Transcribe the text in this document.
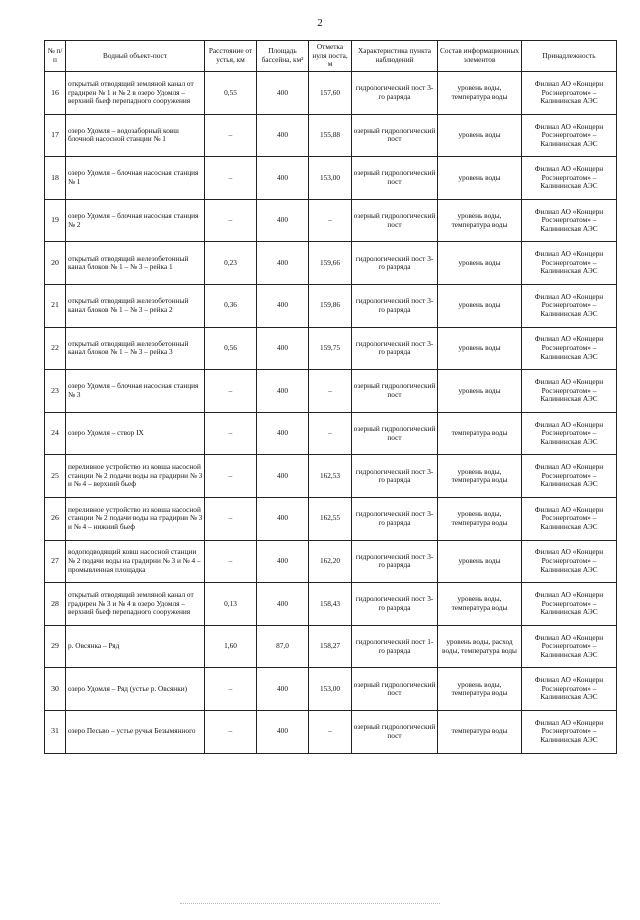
2
№ п/п	Водный объект-пост	Расстояние от устья, км	Площадь бассейна, км²	Отметка нуля поста, м	Характеристика пункта наблюдений	Состав информационных элементов	Принадлежность
16	открытый отводящий земляной канал от градирен № 1 и № 2 в озеро Удомля – верхний бьеф перепадного сооружения	0,55	400	157,60	гидрологический пост 3-го разряда	уровень воды, температура воды	Филиал АО «Концерн Росэнергоатом» – Калининская АЭС
17	озеро Удомля – водозаборный ковш блочной насосной станции № 1	–	400	155,88	озерный гидрологический пост	уровень воды	Филиал АО «Концерн Росэнергоатом» – Калининская АЭС
18	озеро Удомля – блочная насосная станция № 1	–	400	153,00	озерный гидрологический пост	уровень воды	Филиал АО «Концерн Росэнергоатом» – Калининская АЭС
19	озеро Удомля – блочная насосная станция № 2	–	400	–	озерный гидрологический пост	уровень воды, температура воды	Филиал АО «Концерн Росэнергоатом» – Калининская АЭС
20	открытый отводящий железобетонный канал блоков № 1 – № 3 – рейка 1	0,23	400	159,66	гидрологический пост 3-го разряда	уровень воды	Филиал АО «Концерн Росэнергоатом» – Калининская АЭС
21	открытый отводящий железобетонный канал блоков № 1 – № 3 – рейка 2	0,36	400	159,86	гидрологический пост 3-го разряда	уровень воды	Филиал АО «Концерн Росэнергоатом» – Калининская АЭС
22	открытый отводящий железобетонный канал блоков № 1 – № 3 – рейка 3	0,56	400	159,75	гидрологический пост 3-го разряда	уровень воды	Филиал АО «Концерн Росэнергоатом» – Калининская АЭС
23	озеро Удомля – блочная насосная станция № 3	–	400	–	озерный гидрологический пост	уровень воды	Филиал АО «Концерн Росэнергоатом» – Калининская АЭС
24	озеро Удомля – створ IX	–	400	–	озерный гидрологический пост	температура воды	Филиал АО «Концерн Росэнергоатом» – Калининская АЭС
25	переливное устройство из ковша насосной станции № 2 подачи воды на градирни № 3 и № 4 – верхний бьеф	–	400	162,53	гидрологический пост 3-го разряда	уровень воды, температура воды	Филиал АО «Концерн Росэнергоатом» – Калининская АЭС
26	переливное устройство из ковша насосной станции № 2 подачи воды на градирни № 3 и № 4 – нижний бьеф	–	400	162,55	гидрологический пост 3-го разряда	уровень воды, температура воды	Филиал АО «Концерн Росэнергоатом» – Калининская АЭС
27	водоподводящий ковш насосной станции № 2 подачи воды на градирни № 3 и № 4 – промывленная площадка	–	400	162,20	гидрологический пост 3-го разряда	уровень воды	Филиал АО «Концерн Росэнергоатом» – Калининская АЭС
28	открытый отводящий земляной канал от градирен № 3 и № 4 в озеро Удомля – верхний бьеф перепадного сооружения	0,13	400	158,43	гидрологический пост 3-го разряда	уровень воды, температура воды	Филиал АО «Концерн Росэнергоатом» – Калининская АЭС
29	р. Овсянка – Ряд	1,60	87,0	158,27	гидрологический пост 1-го разряда	уровень воды, расход воды, температура воды	Филиал АО «Концерн Росэнергоатом» – Калининская АЭС
30	озеро Удомля – Ряд (устье р. Овсянки)	–	400	153,00	озерный гидрологический пост	уровень воды, температура воды	Филиал АО «Концерн Росэнергоатом» – Калининская АЭС
31	озеро Песьво – устье ручья Безымянного	–	400	–	озерный гидрологический пост	температура воды	Филиал АО «Концерн Росэнергоатом» – Калининская АЭС
